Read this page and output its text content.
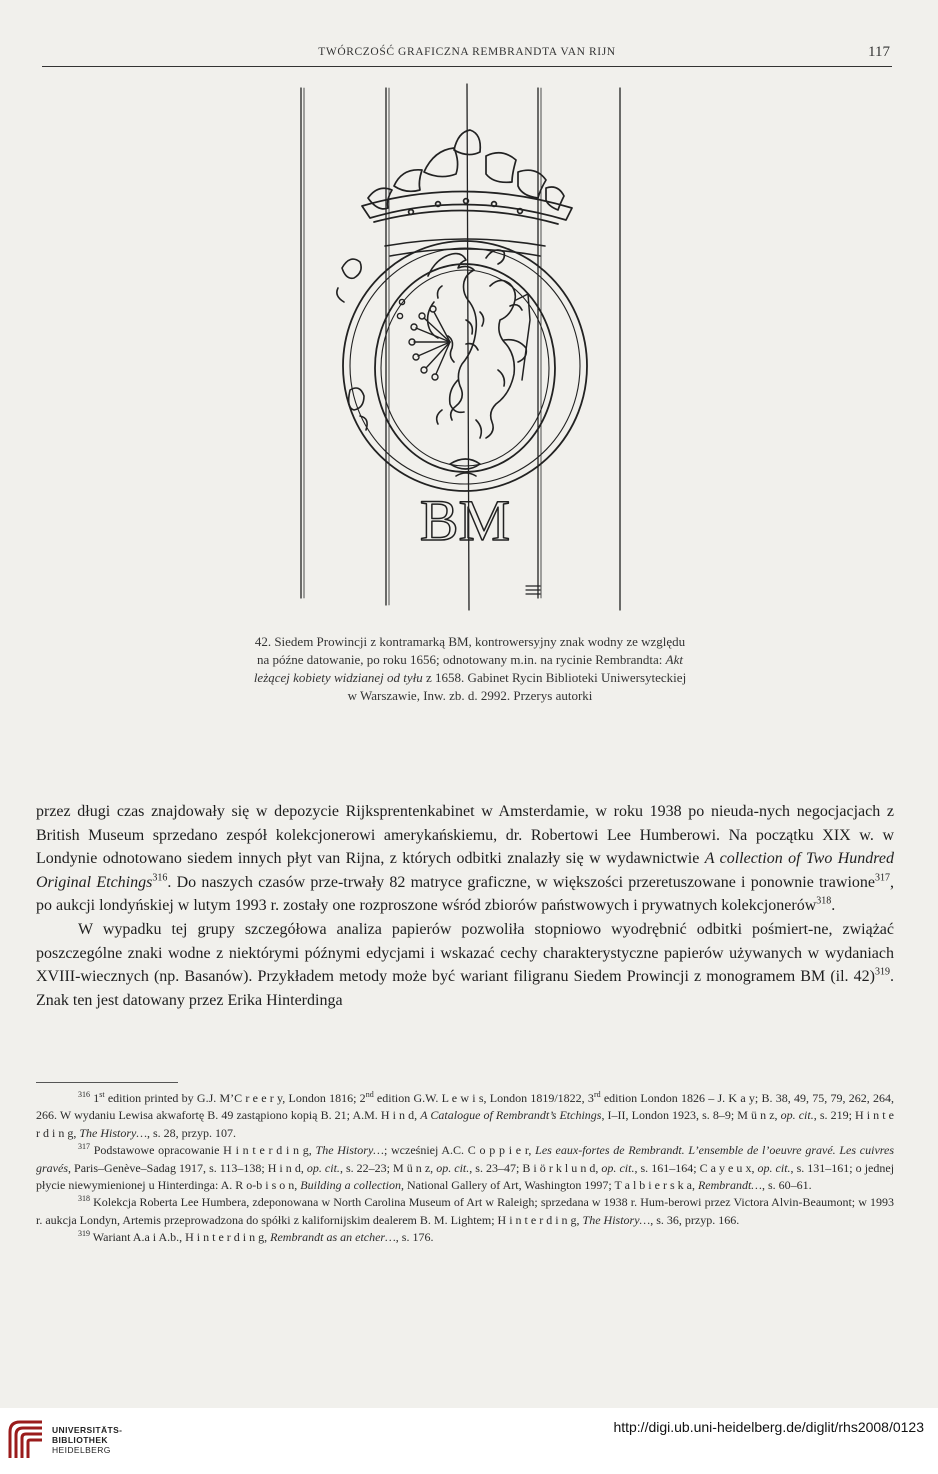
TWÓRCZOŚĆ GRAFICZNA REMBRANDTA VAN RIJN	117
BM
42. Siedem Prowincji z kontramarką BM, kontrowersyjny znak wodny ze względu na późne datowanie, po roku 1656; odnotowany m.in. na rycinie Rembrandta: Akt leżącej kobiety widzianej od tyłu z 1658. Gabinet Rycin Biblioteki Uniwersyteckiej w Warszawie, Inw. zb. d. 2992. Przerys autorki

przez długi czas znajdowały się w depozycie Rijksprentenkabinet w Amsterdamie, w roku 1938 po nieuda-nych negocjacjach z British Museum sprzedano zespół kolekcjonerowi amerykańskiemu, dr. Robertowi Lee Humberowi. Na początku XIX w. w Londynie odnotowano siedem innych płyt van Rijna, z których odbitki znalazły się w wydawnictwie A collection of Two Hundred Original Etchings$^{316}$. Do naszych czasów prze-trwały 82 matryce graficzne, w większości przeretuszowane i ponownie trawione$^{317}$, po aukcji londyńskiej w lutym 1993 r. zostały one rozproszone wśród zbiorów państwowych i prywatnych kolekcjonerów$^{318}$.

W wypadku tej grupy szczegółowa analiza papierów pozwoliła stopniowo wyodrębnić odbitki pośmiert-ne, zwiążać poszczególne znaki wodne z niektórymi późnymi edycjami i wskazać cechy charakterystyczne papierów używanych w wydaniach XVIII-wiecznych (np. Basanów). Przykładem metody może być wariant filigranu Siedem Prowincji z monogramem BM (il. 42)$^{319}$. Znak ten jest datowany przez Erika Hinterdinga

$^{316}$ 1st edition printed by G.J. M’C r e e r y, London 1816; 2nd edition G.W. L e w i s, London 1819/1822, 3rd edition London 1826 – J. K a y; B. 38, 49, 75, 79, 262, 264, 266. W wydaniu Lewisa akwafortę B. 49 zastąpiono kopią B. 21; A.M. H i n d, A Catalogue of Rembrandt’s Etchings, I–II, London 1923, s. 8–9; M ü n z, op. cit., s. 219; H i n t e r d i n g, The History…, s. 28, przyp. 107.

$^{317}$ Podstawowe opracowanie H i n t e r d i n g, The History…; wcześniej A.C. C o p p i e r, Les eaux-fortes de Rembrandt. L’ensemble de l’oeuvre gravé. Les cuivres gravés, Paris–Genève–Sadag 1917, s. 113–138; H i n d, op. cit., s. 22–23; M ü n z, op. cit., s. 23–47; B i ö r k l u n d, op. cit., s. 161–164; C a y e u x, op. cit., s. 131–161; o jednej płycie niewymienionej u Hinterdinga: A. R o-b i s o n, Building a collection, National Gallery of Art, Washington 1997; T a l b i e r s k a, Rembrandt…, s. 60–61.

$^{318}$ Kolekcja Roberta Lee Humbera, zdeponowana w North Carolina Museum of Art w Raleigh; sprzedana w 1938 r. Hum-berowi przez Victora Alvin-Beaumont; w 1993 r. aukcja Londyn, Artemis przeprowadzona do spółki z kalifornijskim dealerem B. M. Lightem; H i n t e r d i n g, The History…, s. 36, przyp. 166.

$^{319}$ Wariant A.a i A.b., H i n t e r d i n g, Rembrandt as an etcher…, s. 176.

UNIVERSITÄTS-
BIBLIOTHEK
HEIDELBERG
http://digi.ub.uni-heidelberg.de/diglit/rhs2008/0123
